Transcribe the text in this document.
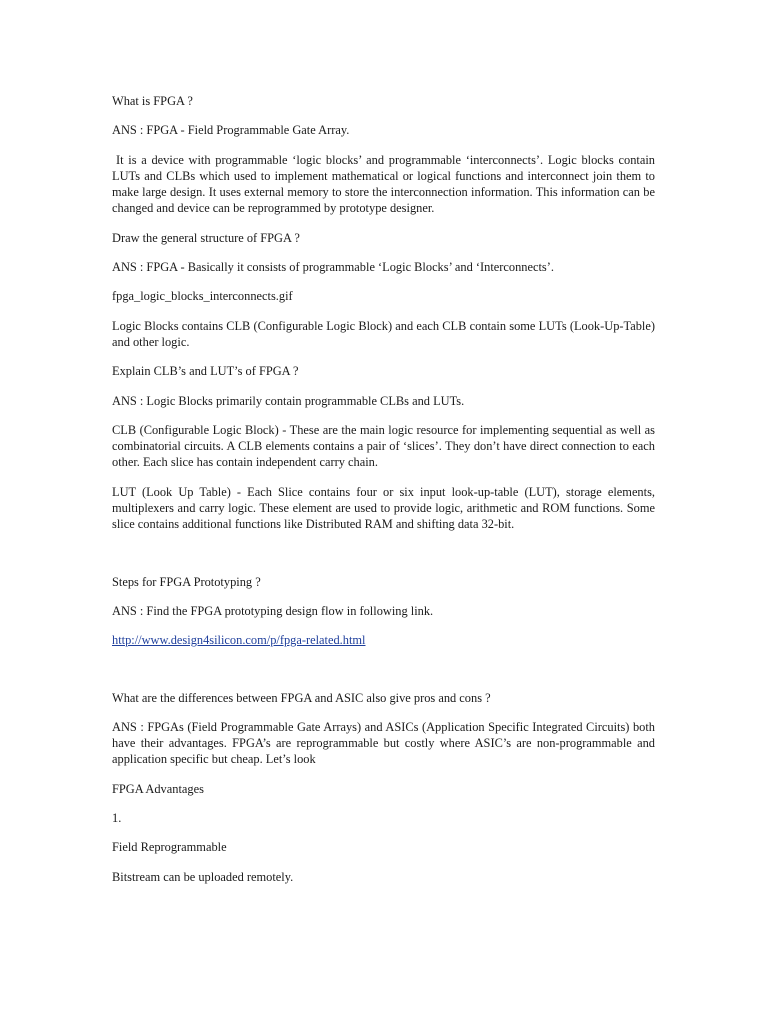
What is FPGA ?

ANS : FPGA - Field Programmable Gate Array.

It is a device with programmable ‘logic blocks’ and programmable ‘interconnects’. Logic blocks contain LUTs and CLBs which used to implement mathematical or logical functions and interconnect join them to make large design. It uses external memory to store the interconnection information. This information can be changed and device can be reprogrammed by prototype designer.

Draw the general structure of FPGA ?

ANS : FPGA - Basically it consists of programmable ‘Logic Blocks’ and ‘Interconnects’.

fpga_logic_blocks_interconnects.gif

Logic Blocks contains CLB (Configurable Logic Block) and each CLB contain some LUTs (Look-Up-Table) and other logic.

Explain CLB’s and LUT’s of FPGA ?

ANS : Logic Blocks primarily contain programmable CLBs and LUTs.

CLB (Configurable Logic Block) - These are the main logic resource for implementing sequential as well as combinatorial circuits. A CLB elements contains a pair of ‘slices’. They don’t have direct connection to each other. Each slice has contain independent carry chain.

LUT (Look Up Table) - Each Slice contains four or six input look-up-table (LUT), storage elements, multiplexers and carry logic. These element are used to provide logic, arithmetic and ROM functions. Some slice contains additional functions like Distributed RAM and shifting data 32-bit.

Steps for FPGA Prototyping ?

ANS : Find the FPGA prototyping design flow in following link.

http://www.design4silicon.com/p/fpga-related.html

What are the differences between FPGA and ASIC also give pros and cons ?

ANS : FPGAs (Field Programmable Gate Arrays) and ASICs (Application Specific Integrated Circuits) both have their advantages. FPGA’s are reprogrammable but costly where ASIC’s are non-programmable and application specific but cheap. Let’s look

FPGA Advantages

1.

Field Reprogrammable

Bitstream can be uploaded remotely.
